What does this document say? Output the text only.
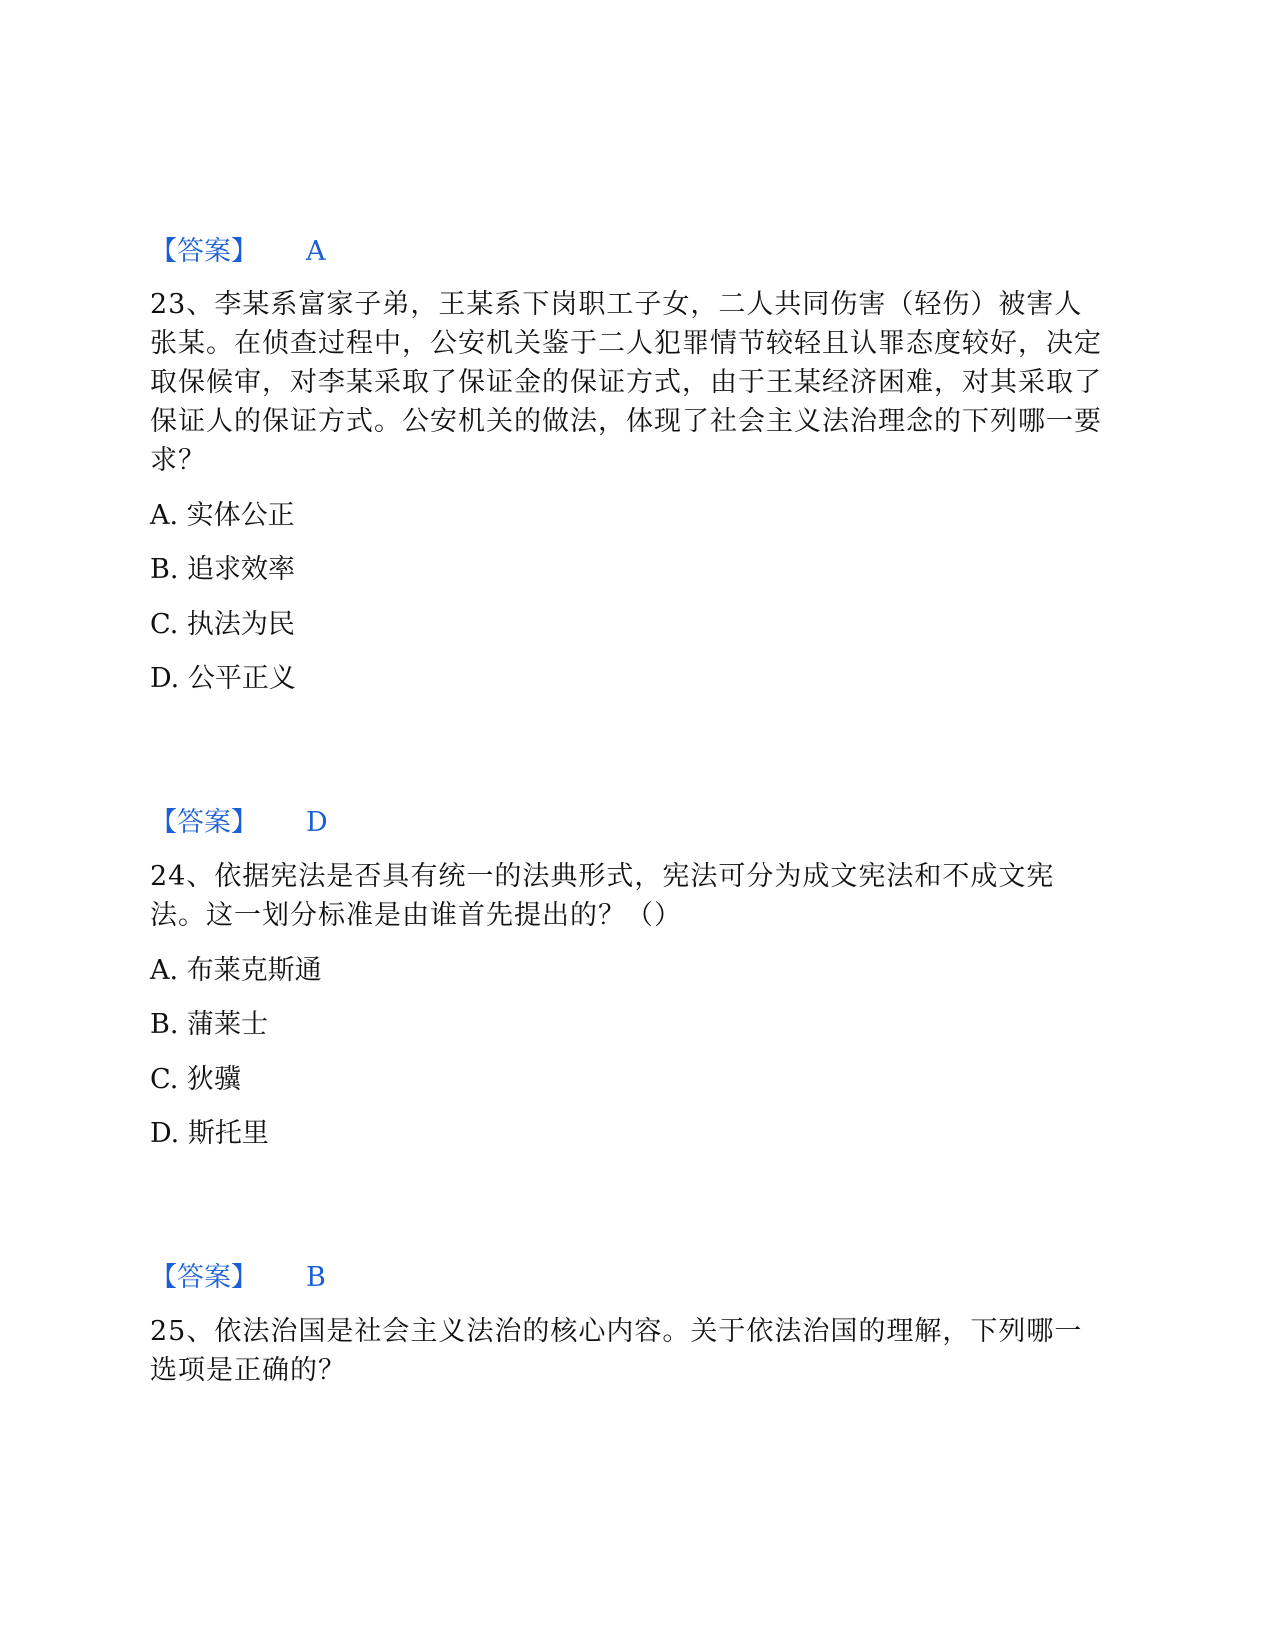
【答案】 A

23、李某系富家子弟，王某系下岗职工子女，二人共同伤害（轻伤）被害人张某。在侦查过程中，公安机关鉴于二人犯罪情节较轻且认罪态度较好，决定取保候审，对李某采取了保证金的保证方式，由于王某经济困难，对其采取了保证人的保证方式。公安机关的做法，体现了社会主义法治理念的下列哪一要求？

A. 实体公正
B. 追求效率
C. 执法为民
D. 公平正义
【答案】 D

24、依据宪法是否具有统一的法典形式，宪法可分为成文宪法和不成文宪法。这一划分标准是由谁首先提出的？（）

A. 布莱克斯通
B. 蒲莱士
C. 狄骥
D. 斯托里
【答案】 B

25、依法治国是社会主义法治的核心内容。关于依法治国的理解，下列哪一选项是正确的？
